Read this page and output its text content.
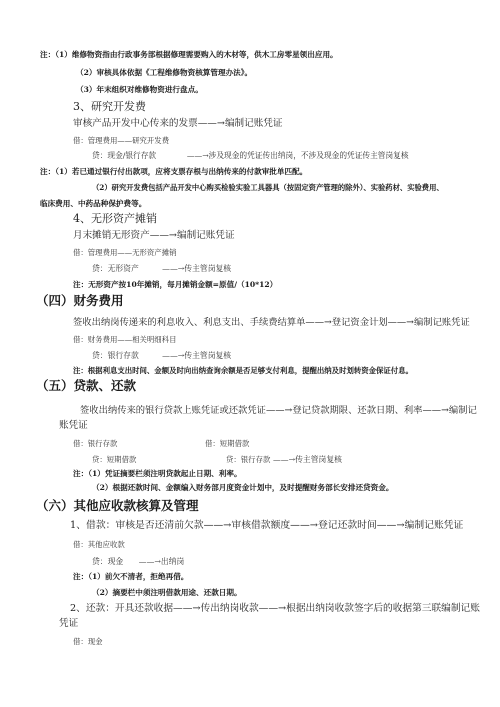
注：（1）维修物资指由行政事务部根据修理需要购入的木材等，供木工房零星领出应用。
（2）审核具体依据《工程维修物资核算管理办法》。
（3）年末组织对维修物资进行盘点。
3、研究开发费
审核产品开发中心传来的发票——→编制记账凭证
借：管理费用——研究开发费
贷：现金/银行存款　　　　——→涉及现金的凭证传出纳岗，不涉及现金的凭证传主管岗复核
注：（1）若已通过银行付出款项，应将支票存根与出纳传来的付款审批单匹配。
（2）研究开发费包括产品开发中心购买检验实验工具器具（按固定资产管理的除外）、实验药材、实验费用、
临床费用、中药品种保护费等。
4、无形资产摊销
月末摊销无形资产——→编制记账凭证
借：管理费用——无形资产摊销
贷：无形资产　　　——→传主管岗复核
注：无形资产按10年摊销，每月摊销金额=原值/（10*12）
（四）财务费用
签收出纳岗传递来的利息收入、利息支出、手续费结算单——→登记资金计划——→编制记账凭证
借：财务费用——相关明细科目
贷：银行存款　　　——→传主管岗复核
注：根据利息支出时间、金额及时向出纳查询余额是否足够支付利息，提醒出纳及时划转资金保证付息。
（五）贷款、还款
签收出纳传来的银行贷款上账凭证或还款凭证——→登记贷款期限、还款日期、利率——→编制记
账凭证
借：银行存款	借：短期借款
贷：短期借款	贷：银行存款 ——→传主管岗复核
注：（1）凭证摘要栏须注明贷款起止日期、利率。
（2）根据还款时间、金额编入财务部月度资金计划中，及时提醒财务部长安排还贷资金。
（六）其他应收款核算及管理
1、借款：审核是否还清前欠款——→审核借款额度——→登记还款时间——→编制记账凭证
借：其他应收款
贷：现金　　——→出纳岗
注：（1）前欠不清者，拒绝再借。
（2）摘要栏中须注明借款用途、还款日期。
2、还款：开具还款收据——→传出纳岗收款——→根据出纳岗收款签字后的收据第三联编制记账
凭证
借：现金
